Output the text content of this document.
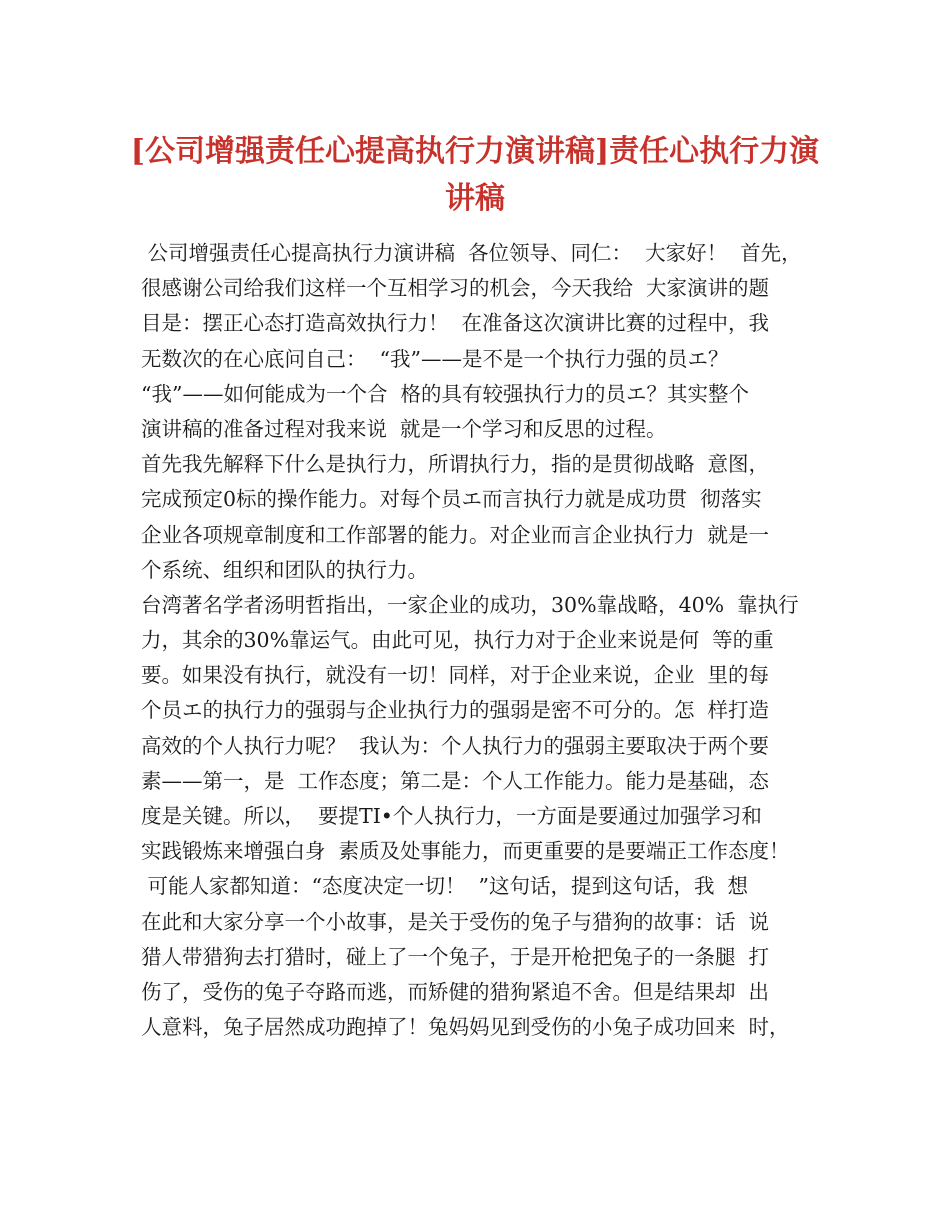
[公司增强责任心提高执行力演讲稿]责任心执行力演
讲稿
公司增强责任心提高执行力演讲稿  各位领导、同仁：  大家好！  首先，
很感谢公司给我们这样一个互相学习的机会，今天我给  大家演讲的题
目是：摆正心态打造高效执行力！  在准备这次演讲比赛的过程中，我
无数次的在心底问自己：  “我”——是不是一个执行力强的员エ？
“我”——如何能成为一个合  格的具有较强执行力的员エ？其实整个
演讲稿的准备过程对我来说  就是一个学习和反思的过程。
首先我先解释下什么是执行力，所谓执行力，指的是贯彻战略  意图，
完成预定0标的操作能力。对每个员エ而言执行力就是成功贯  彻落实
企业各项规章制度和工作部署的能力。对企业而言企业执行力  就是一
个系统、组织和团队的执行力。
台湾著名学者汤明哲指出，一家企业的成功，30%靠战略，40%  靠执行
力，其余的30%靠运气。由此可见，执行力对于企业来说是何  等的重
要。如果没有执行，就没有一切！同样，对于企业来说，企业  里的每
个员エ的执行力的强弱与企业执行力的强弱是密不可分的。怎  样打造
高效的个人执行力呢？  我认为：个人执行力的强弱主要取决于两个要
素——第一，是  工作态度；第二是：个人工作能力。能力是基础，态
度是关键。所以，  要提TI•个人执行力，一方面是要通过加强学习和
实践锻炼来增强白身  素质及处事能力，而更重要的是要端正工作态度！
可能人家都知道：“态度决定一切！  ”这句话，提到这句话，我  想
在此和大家分享一个小故事，是关于受伤的兔子与猎狗的故事：话  说
猎人带猎狗去打猎时，碰上了一个兔子，于是开枪把兔子的一条腿  打
伤了，受伤的兔子夺路而逃，而矫健的猎狗紧追不舍。但是结果却  出
人意料，兔子居然成功跑掉了！兔妈妈见到受伤的小兔子成功回来  时，
